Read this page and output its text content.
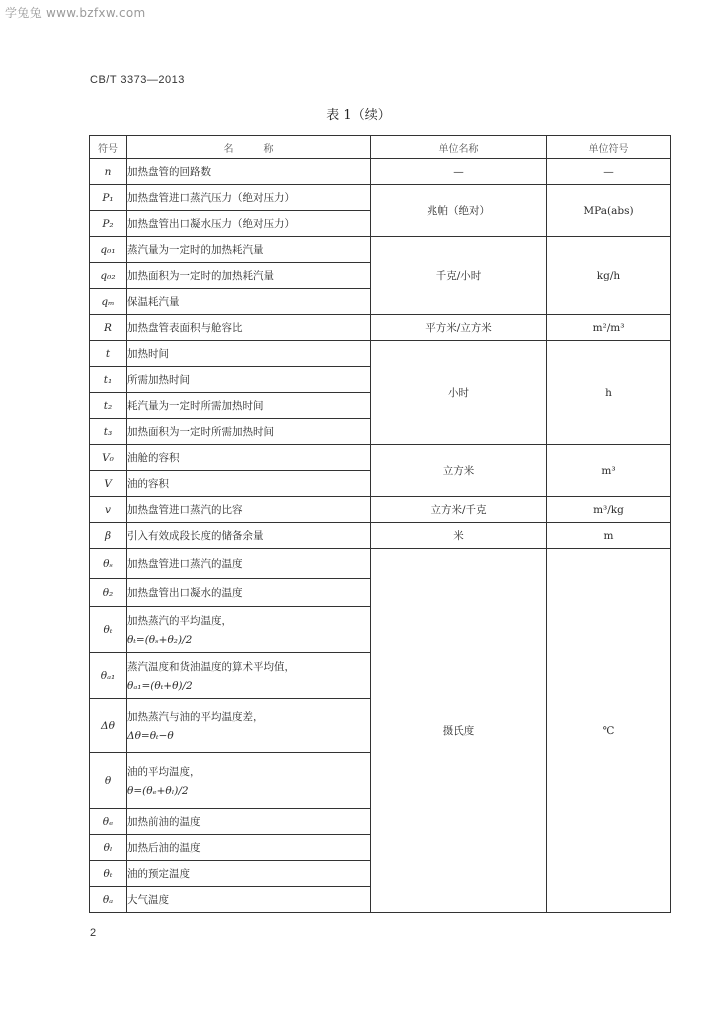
学兔兔 www.bzfxw.com
CB/T 3373—2013
表 1（续）
符号	名　　　称	单位名称	单位符号
n	加热盘管的回路数	—	—
P₁	加热盘管进口蒸汽压力（绝对压力）	兆帕（绝对）	MPa(abs)
P₂	加热盘管出口凝水压力（绝对压力）		
q₀₁	蒸汽量为一定时的加热耗汽量	千克/小时	kg/h
q₀₂	加热面积为一定时的加热耗汽量		
qₘ	保温耗汽量		
R	加热盘管表面积与舱容比	平方米/立方米	m²/m³
t	加热时间	小时	h
t₁	所需加热时间		
t₂	耗汽量为一定时所需加热时间		
t₃	加热面积为一定时所需加热时间		
V₀	油舱的容积	立方米	m³
V	油的容积		
v	加热盘管进口蒸汽的比容	立方米/千克	m³/kg
β	引入有效成段长度的储备余量	米	m
θₛ	加热盘管进口蒸汽的温度	摄氏度	℃
θ₂	加热盘管出口凝水的温度		
θₜ	加热蒸汽的平均温度，
θₜ=(θₛ+θ₂)/2		

θₐ₁	蒸汽温度和货油温度的算术平均值，
θₐ₁=(θₜ+θ)/2		

Δθ	加热蒸汽与油的平均温度差，
Δθ=θₜ−θ		

θ	油的平均温度，
θ=(θₑ+θₗ)/2		

θₑ	加热前油的温度		
θₗ	加热后油的温度		
θₜ	油的预定温度		
θₐ	大气温度		
2
